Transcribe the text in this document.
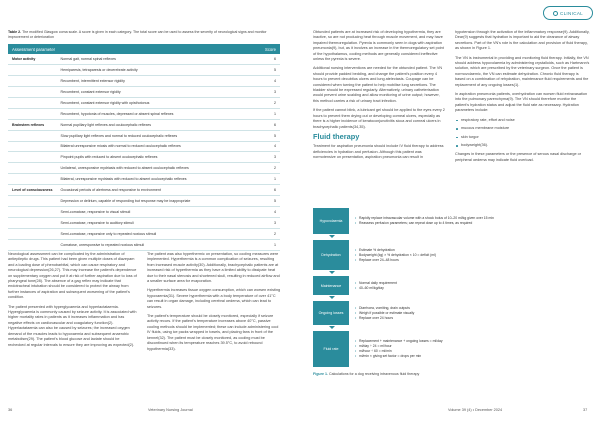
CLINICAL
Table 2. The modified Glasgow coma scale. A score is given in each category. The total score can be used to assess the severity of neurological signs and monitor improvement or deterioration
Assessment parameter		Score
Motor activity	Normal gait, normal spinal reflexes	6
	Hemiparesis, tetraparesis or decerebrate activity	5
	Recumbent, intermittent extensor rigidity	4
	Recumbent, constant extensor rigidity	3
	Recumbent, constant extensor rigidity with opisthotonus	2
	Recumbent, hypotonia of muscles, depressed or absent spinal reflexes	1
Brainstem reflexes	Normal pupillary light reflexes and oculocephalic reflexes	6
	Slow pupillary light reflexes and normal to reduced oculocephalic reflexes	5
	Bilateral unresponsive miosis with normal to reduced oculocephalic reflexes	4
	Pinpoint pupils with reduced to absent oculocephalic reflexes	3
	Unilateral, unresponsive mydriasis with reduced to absent oculocephalic reflexes	2
	Bilateral, unresponsive mydriasis with reduced to absent oculocephalic reflexes	1
Level of consciousness	Occasional periods of alertness and responsive to environment	6
	Depression or delirium, capable of responding but response may be inappropriate	5
	Semi-comatose, responsive to visual stimuli	4
	Semi-comatose, responsive to auditory stimuli	3
	Semi-comatose, responsive only to repeated noxious stimuli	2
	Comatose, unresponsive to repeated noxious stimuli	1

Neurological assessment can be complicated by the administration of antiepileptic drugs. This patient had been given multiple doses of diazepam and a loading dose of phenobarbital, which can cause respiratory and neurological depression(26,27). This may increase the patient's dependence on supplementary oxygen and put it at risk of further aspiration due to loss of pharyngeal tone(28). The absence of a gag reflex may indicate that endotracheal intubation should be considered to protect the airway from further instances of aspiration and subsequent worsening of the patient's condition.

The patient presented with hyperglycaemia and hyperlactataemia. Hyperglycaemia is commonly caused by seizure activity. It is associated with higher mortality rates in patients as it increases inflammation and has negative effects on cardiovascular and coagulatory function(2). Hyperlactataemia can also be caused by seizures; the increased oxygen demand of the muscles leads to hypoxaemia and subsequent anaerobic metabolism(29). The patient's blood glucose and lactate should be rechecked at regular intervals to ensure they are improving as expected(2).

The patient was also hyperthermic on presentation, so cooling measures were implemented. Hyperthermia is a common complication of seizures, resulting from increased muscle activity(30). Additionally, brachycephalic patients are at increased risk of hyperthermia as they have a limited ability to dissipate heat due to their nasal stenosis and shortened skull, resulting in reduced airflow and a smaller surface area for evaporation.

Hyperthermia increases tissue oxygen consumption, which can worsen existing hypoxaemia(31). Severe hyperthermia with a body temperature of over 41°C can result in organ damage, including cerebral oedema, which can lead to seizures.

The patient's temperature should be closely monitored, especially if seizure activity recurs. If the patient's temperature increases above 40°C, passive cooling methods should be implemented; these can include administering cool IV fluids, using ice packs wrapped in towels, and placing fans in front of the kennel(32). The patient must be closely monitored, as cooling must be discontinued when its temperature reaches 39.5°C, to avoid rebound hypothermia(33).

Obtunded patients are at increased risk of developing hypothermia, they are inactive, so are not producing heat through muscle movement, and may have impaired thermoregulation. Pyrexia is commonly seen in dogs with aspiration pneumonia(9), but, as it involves an increase in the thermoregulatory set point of the hypothalamus, cooling methods are generally considered ineffective unless the pyrexia is severe.

Additional nursing interventions are needed for the obtunded patient. The VN should provide padded bedding, and change the patient's position every 4 hours to prevent decubitus ulcers and lung atelectasis. Coupage can be considered when turning the patient to help mobilise lung secretions. The bladder should be expressed regularly. Alternatively, urinary catheterisation would prevent urine scalding and allow monitoring of urine output; however, this method carries a risk of urinary tract infection.

If the patient cannot blink, a lubricant gel should be applied to the eyes every 2 hours to prevent them drying out or developing corneal ulcers, especially as there is a higher incidence of keratoconjunctivitis sicca and corneal ulcers in brachycephalic patients(34,35).

Fluid therapy

Treatment for aspiration pneumonia should include IV fluid therapy to address deficiencies in hydration and perfusion. Although this patient was normotensive on presentation, aspiration pneumonia can result in

hypotension through the activation of the inflammatory response(9). Additionally, Dear(9) suggests that hydration is important to aid the clearance of airway secretions. Part of the VN's role is the calculation and provision of fluid therapy, as shown in Figure 1.

The VN is instrumental in providing and monitoring fluid therapy. Initially, the VN should address hypovolaemia by administering crystalloids, such as Hartmann's solution, which are prescribed by the veterinary surgeon. Once the patient is normovolaemic, the VN can estimate dehydration. Chronic fluid therapy is based on a combination of rehydration, maintenance fluid requirements and the replacement of any ongoing losses(1).

In aspiration pneumonia patients, overhydration can worsen fluid extravasation into the pulmonary parenchyma(9). The VN should therefore monitor the patient's hydration status and adjust the fluid rate as necessary. Hydration parameters include:

respiratory rate, effort and noise
mucous membrane moisture
skin turgor
bodyweight(36).

Changes in these parameters or the presence of serous nasal discharge or peripheral oedema may indicate fluid overload.

Hypovolaemia
• Rapidly replace intravascular volume with a shock bolus of 10–20 ml/kg given over 15 min
• Reassess perfusion parameters; can repeat dose up to 4 times, as required
Dehydration
• Estimate % dehydration
• Bodyweight (kg) × % dehydration × 10 = deficit (ml)
• Replace over 24–48 hours
Maintenance
• Normal daily requirement
• 40–60 ml/kg/day
Ongoing losses
• Diarrhoea, vomiting, drain outputs
• Weigh if possible or estimate visually
• Replace over 24 hours
Fluid rate
• Replacement + maintenance + ongoing losses = ml/day
• ml/day ÷ 24 = ml/hour
• ml/hour ÷ 60 = ml/min
• ml/min × giving set factor = drops per min
Figure 1. Calculations for a dog receiving intravenous fluid therapy
36	Veterinary Nursing Journal	Volume 39 (4) • December 2024	37
